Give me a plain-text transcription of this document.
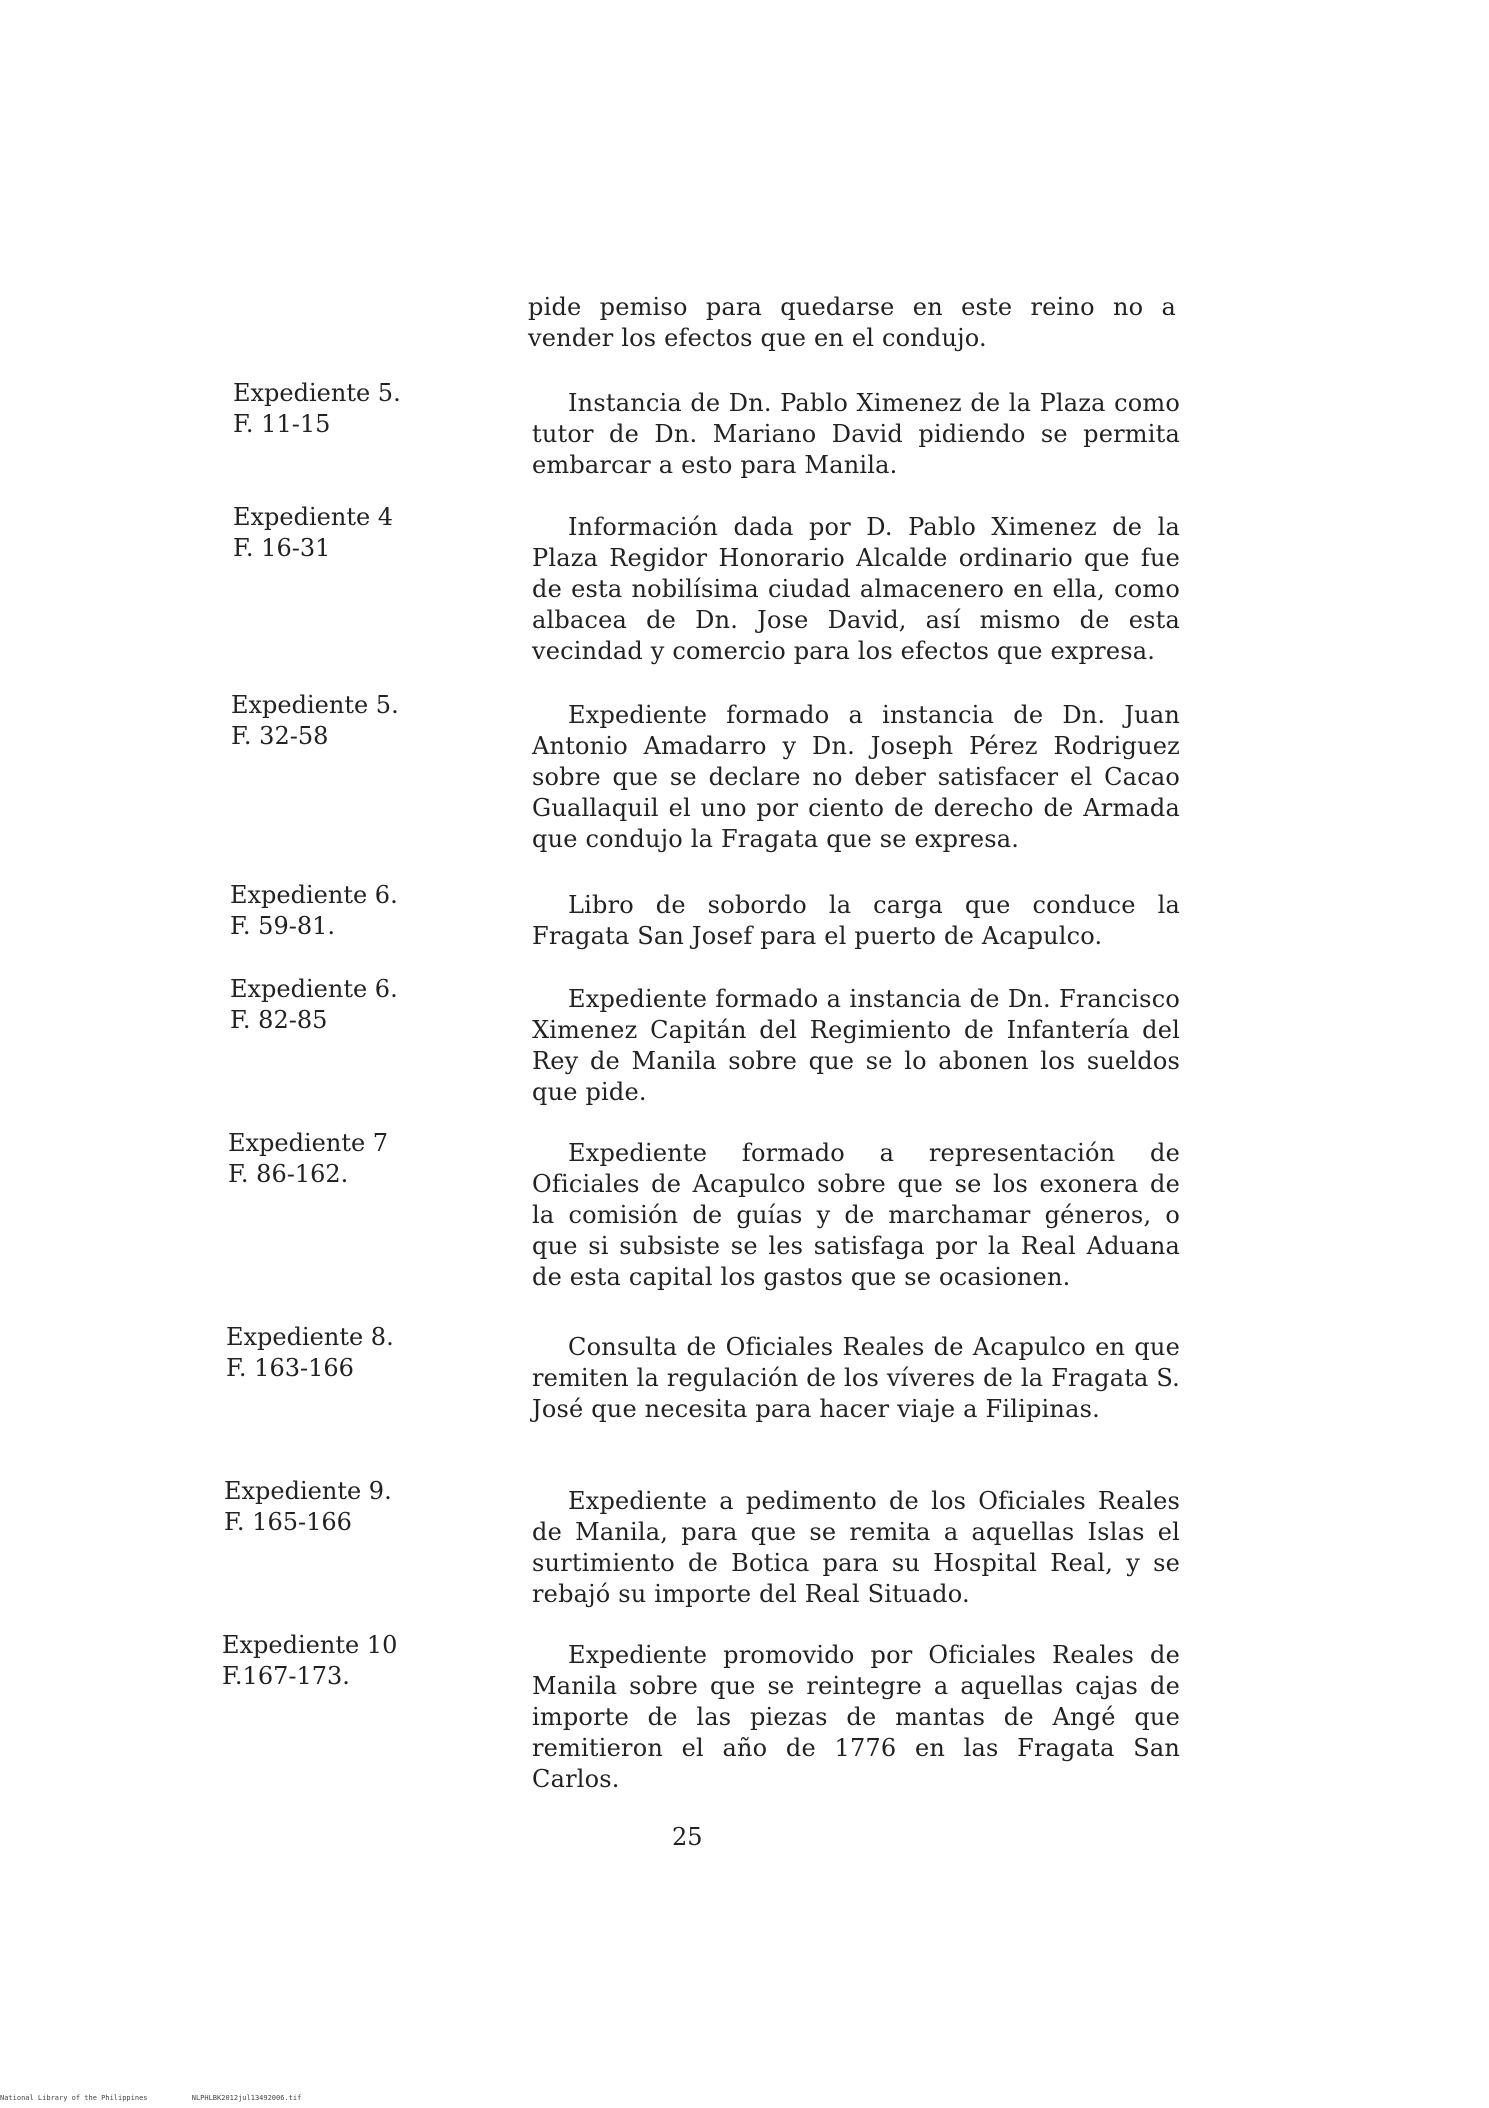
pide pemiso para quedarse en este reino no a vender los efectos que en el condujo.

Expediente 5.
F. 11-15

Instancia de Dn. Pablo Ximenez de la Plaza como tutor de Dn. Mariano David pidiendo se permita embarcar a esto para Manila.

Expediente 4
F. 16-31

Información dada por D. Pablo Ximenez de la Plaza Regidor Honorario Alcalde ordinario que fue de esta nobilísima ciudad almacenero en ella, como albacea de Dn. Jose David, así mismo de esta vecindad y comercio para los efectos que expresa.

Expediente 5.
F. 32-58

Expediente formado a instancia de Dn. Juan Antonio Amadarro y Dn. Joseph Pérez Rodriguez sobre que se declare no deber satisfacer el Cacao Guallaquil el uno por ciento de derecho de Armada que condujo la Fragata que se expresa.

Expediente 6.
F. 59-81.

Libro de sobordo la carga que conduce la Fragata San Josef para el puerto de Acapulco.

Expediente 6.
F. 82-85

Expediente formado a instancia de Dn. Francisco Ximenez Capitán del Regimiento de Infantería del Rey de Manila sobre que se lo abonen los sueldos que pide.

Expediente 7
F. 86-162.

Expediente formado a representación de Oficiales de Acapulco sobre que se los exonera de la comisión de guías y de marchamar géneros, o que si subsiste se les satisfaga por la Real Aduana de esta capital los gastos que se ocasionen.

Expediente 8.
F. 163-166

Consulta de Oficiales Reales de Acapulco en que remiten la regulación de los víveres de la Fragata S. José que necesita para hacer viaje a Filipinas.

Expediente 9.
F. 165-166

Expediente a pedimento de los Oficiales Reales de Manila, para que se remita a aquellas Islas el surtimiento de Botica para su Hospital Real, y se rebajó su importe del Real Situado.

Expediente 10
F.167-173.

Expediente promovido por Oficiales Reales de Manila sobre que se reintegre a aquellas cajas de importe de las piezas de mantas de Angé que remitieron el año de 1776 en las Fragata San Carlos.

25
National Library of the Philippines	NLPHLBK2012jul13492006.tif
